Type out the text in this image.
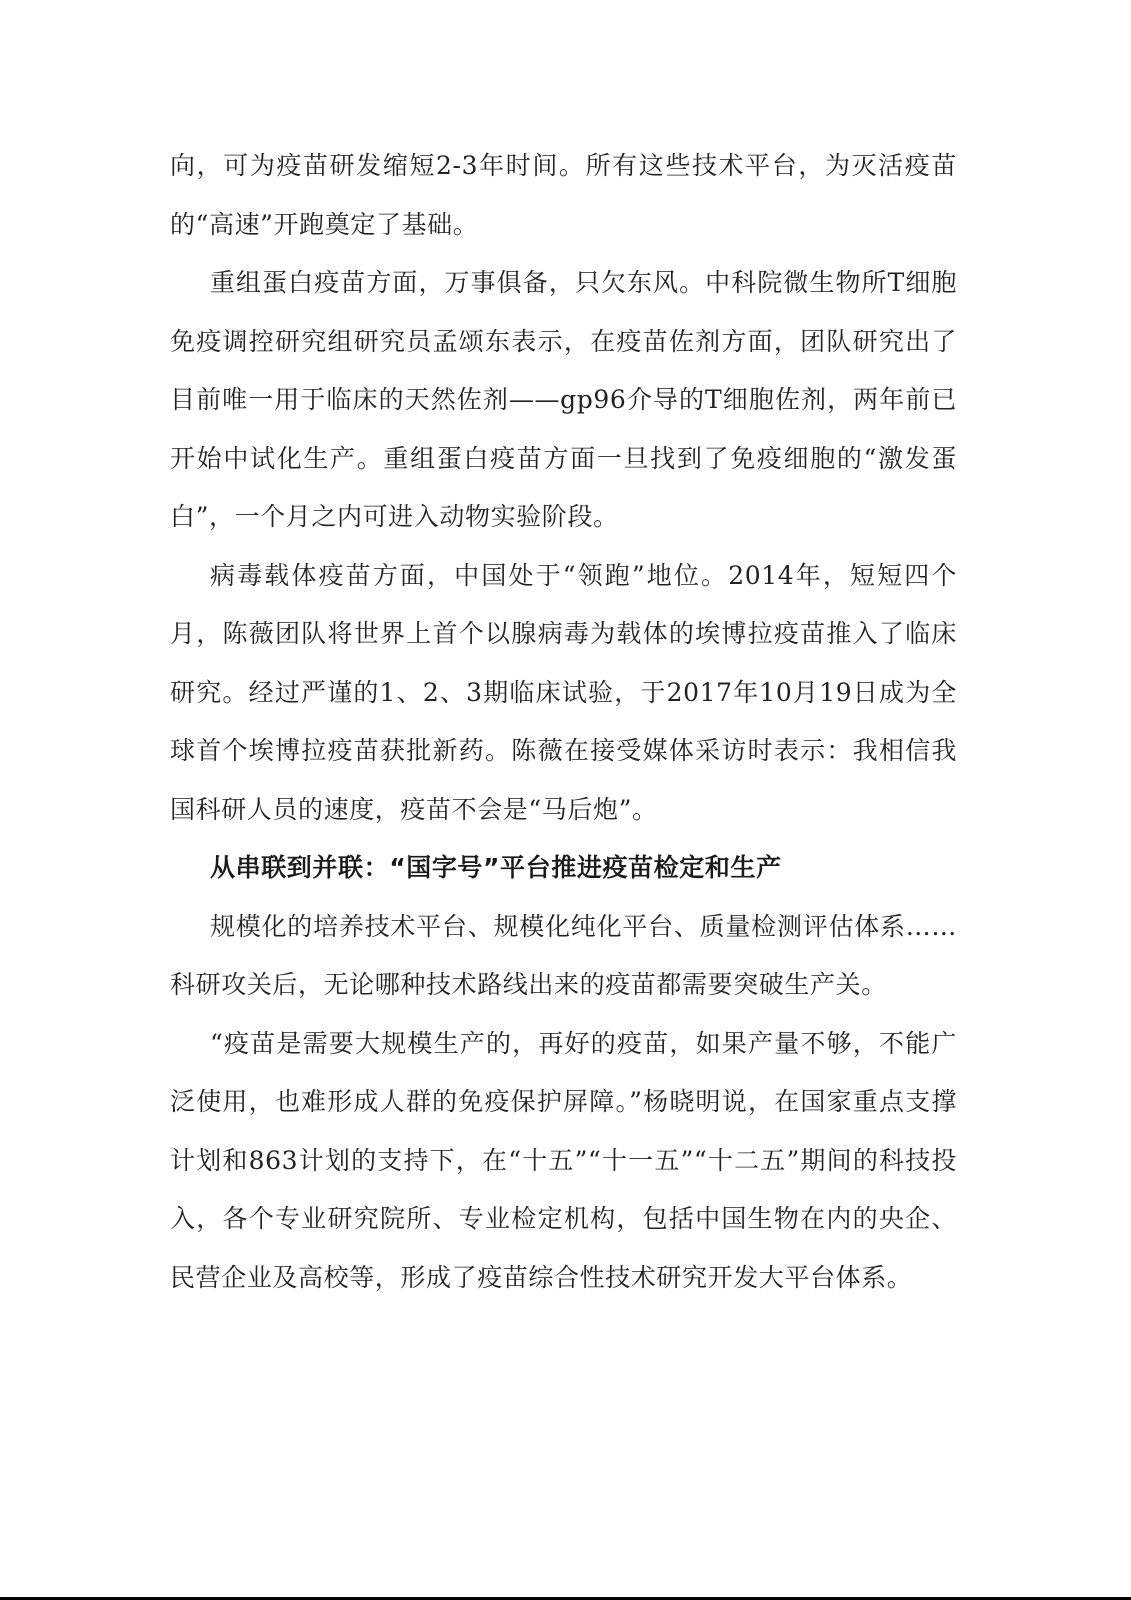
向，可为疫苗研发缩短2-3年时间。所有这些技术平台，为灭活疫苗的“高速”开跑奠定了基础。

重组蛋白疫苗方面，万事俱备，只欠东风。中科院微生物所T细胞免疫调控研究组研究员孟颂东表示，在疫苗佐剂方面，团队研究出了目前唯一用于临床的天然佐剂——gp96介导的T细胞佐剂，两年前已开始中试化生产。重组蛋白疫苗方面一旦找到了免疫细胞的“激发蛋白”，一个月之内可进入动物实验阶段。

病毒载体疫苗方面，中国处于“领跑”地位。2014年，短短四个月，陈薇团队将世界上首个以腺病毒为载体的埃博拉疫苗推入了临床研究。经过严谨的1、2、3期临床试验，于2017年10月19日成为全球首个埃博拉疫苗获批新药。陈薇在接受媒体采访时表示：我相信我国科研人员的速度，疫苗不会是“马后炮”。

从串联到并联：“国字号”平台推进疫苗检定和生产

规模化的培养技术平台、规模化纯化平台、质量检测评估体系……科研攻关后，无论哪种技术路线出来的疫苗都需要突破生产关。

“疫苗是需要大规模生产的，再好的疫苗，如果产量不够，不能广泛使用，也难形成人群的免疫保护屏障。”杨晓明说，在国家重点支撑计划和863计划的支持下，在“十五”“十一五”“十二五”期间的科技投入，各个专业研究院所、专业检定机构，包括中国生物在内的央企、民营企业及高校等，形成了疫苗综合性技术研究开发大平台体系。
